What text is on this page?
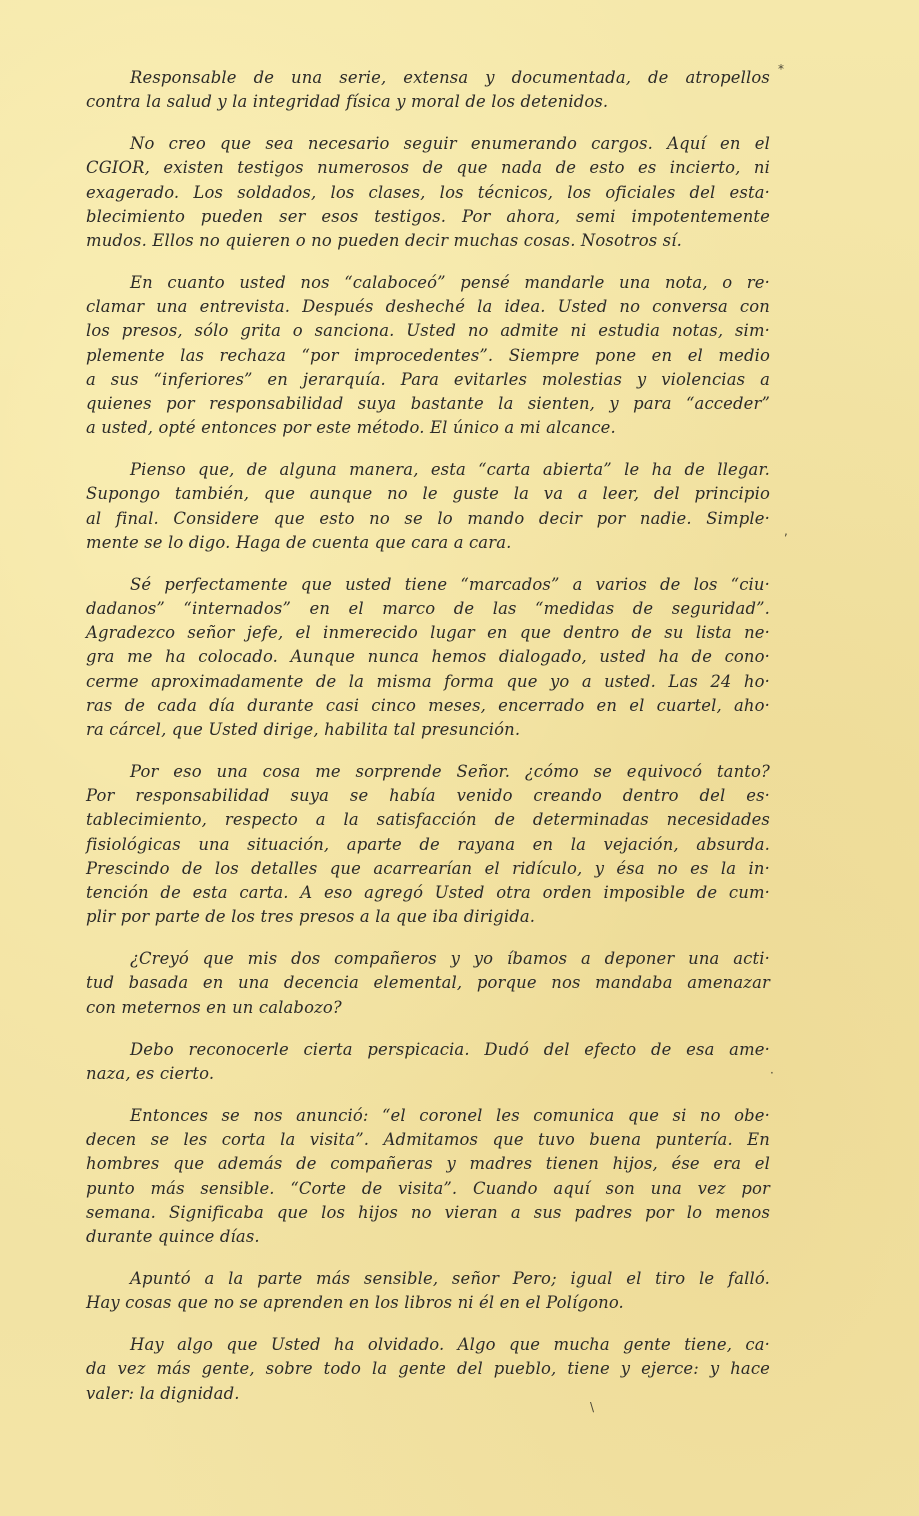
Responsable de una serie, extensa y documentada, de atropellos
contra la salud y la integridad física y moral de los detenidos.
No creo que sea necesario seguir enumerando cargos. Aquí en el
CGIOR, existen testigos numerosos de que nada de esto es incierto, ni
exagerado. Los soldados, los clases, los técnicos, los oficiales del esta·
blecimiento pueden ser esos testigos. Por ahora, semi impotentemente
mudos. Ellos no quieren o no pueden decir muchas cosas. Nosotros sí.
En cuanto usted nos “calaboceó” pensé mandarle una nota, o re·
clamar una entrevista. Después desheché la idea. Usted no conversa con
los presos, sólo grita o sanciona. Usted no admite ni estudia notas, sim·
plemente las rechaza “por improcedentes”. Siempre pone en el medio
a sus “inferiores” en jerarquía. Para evitarles molestias y violencias a
quienes por responsabilidad suya bastante la sienten, y para “acceder”
a usted, opté entonces por este método. El único a mi alcance.
Pienso que, de alguna manera, esta “carta abierta” le ha de llegar.
Supongo también, que aunque no le guste la va a leer, del principio
al final. Considere que esto no se lo mando decir por nadie. Simple·
mente se lo digo. Haga de cuenta que cara a cara.
Sé perfectamente que usted tiene “marcados” a varios de los “ciu·
dadanos” “internados” en el marco de las “medidas de seguridad”.
Agradezco señor jefe, el inmerecido lugar en que dentro de su lista ne·
gra me ha colocado. Aunque nunca hemos dialogado, usted ha de cono·
cerme aproximadamente de la misma forma que yo a usted. Las 24 ho·
ras de cada día durante casi cinco meses, encerrado en el cuartel, aho·
ra cárcel, que Usted dirige, habilita tal presunción.
Por eso una cosa me sorprende Señor. ¿cómo se equivocó tanto?
Por responsabilidad suya se había venido creando dentro del es·
tablecimiento, respecto a la satisfacción de determinadas necesidades
fisiológicas una situación, aparte de rayana en la vejación, absurda.
Prescindo de los detalles que acarrearían el ridículo, y ésa no es la in·
tención de esta carta. A eso agregó Usted otra orden imposible de cum·
plir por parte de los tres presos a la que iba dirigida.
¿Creyó que mis dos compañeros y yo íbamos a deponer una acti·
tud basada en una decencia elemental, porque nos mandaba amenazar
con meternos en un calabozo?
Debo reconocerle cierta perspicacia. Dudó del efecto de esa ame·
naza, es cierto.
Entonces se nos anunció: “el coronel les comunica que si no obe·
decen se les corta la visita”. Admitamos que tuvo buena puntería. En
hombres que además de compañeras y madres tienen hijos, ése era el
punto más sensible. “Corte de visita”. Cuando aquí son una vez por
semana. Significaba que los hijos no vieran a sus padres por lo menos
durante quince días.
Apuntó a la parte más sensible, señor Pero; igual el tiro le falló.
Hay cosas que no se aprenden en los libros ni él en el Polígono.
Hay algo que Usted ha olvidado. Algo que mucha gente tiene, ca·
da vez más gente, sobre todo la gente del pueblo, tiene y ejerce: y hace
valer: la dignidad.
*
·
\
,
